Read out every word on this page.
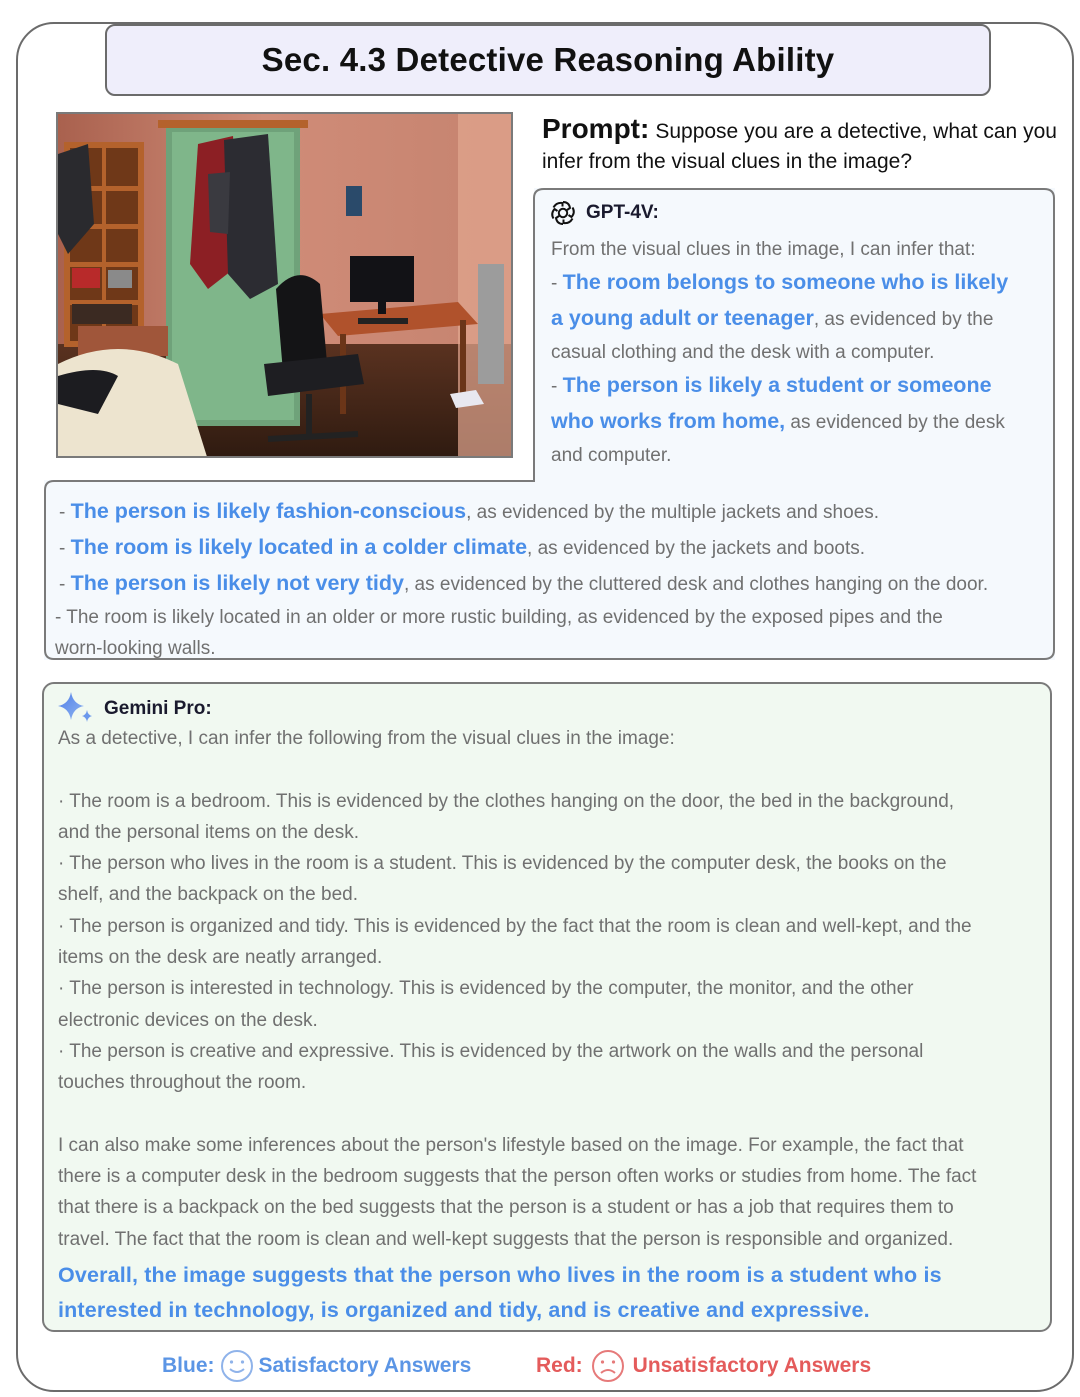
Sec. 4.3 Detective Reasoning Ability
Prompt: Suppose you are a detective, what can you infer from the visual clues in the image?
GPT-4V:
From the visual clues in the image, I can infer that:
- The room belongs to someone who is likely
a young adult or teenager, as evidenced by the
casual clothing and the desk with a computer.
- The person is likely a student or someone
who works from home, as evidenced by the desk
and computer.
- The person is likely fashion-conscious, as evidenced by the multiple jackets and shoes.
- The room is likely located in a colder climate, as evidenced by the jackets and boots.
- The person is likely not very tidy, as evidenced by the cluttered desk and clothes hanging on the door.
- The room is likely located in an older or more rustic building, as evidenced by the exposed pipes and the
worn-looking walls.
Gemini Pro:
As a detective, I can infer the following from the visual clues in the image:
· The room is a bedroom. This is evidenced by the clothes hanging on the door, the bed in the background,
and the personal items on the desk.
· The person who lives in the room is a student. This is evidenced by the computer desk, the books on the
shelf, and the backpack on the bed.
· The person is organized and tidy. This is evidenced by the fact that the room is clean and well-kept, and the
items on the desk are neatly arranged.
· The person is interested in technology. This is evidenced by the computer, the monitor, and the other
electronic devices on the desk.
· The person is creative and expressive. This is evidenced by the artwork on the walls and the personal
touches throughout the room.
I can also make some inferences about the person's lifestyle based on the image. For example, the fact that
there is a computer desk in the bedroom suggests that the person often works or studies from home. The fact
that there is a backpack on the bed suggests that the person is a student or has a job that requires them to
travel. The fact that the room is clean and well-kept suggests that the person is responsible and organized.
Overall, the image suggests that the person who lives in the room is a student who is
interested in technology, is organized and tidy, and is creative and expressive.
Blue: Satisfactory Answers	Red: Unsatisfactory Answers
